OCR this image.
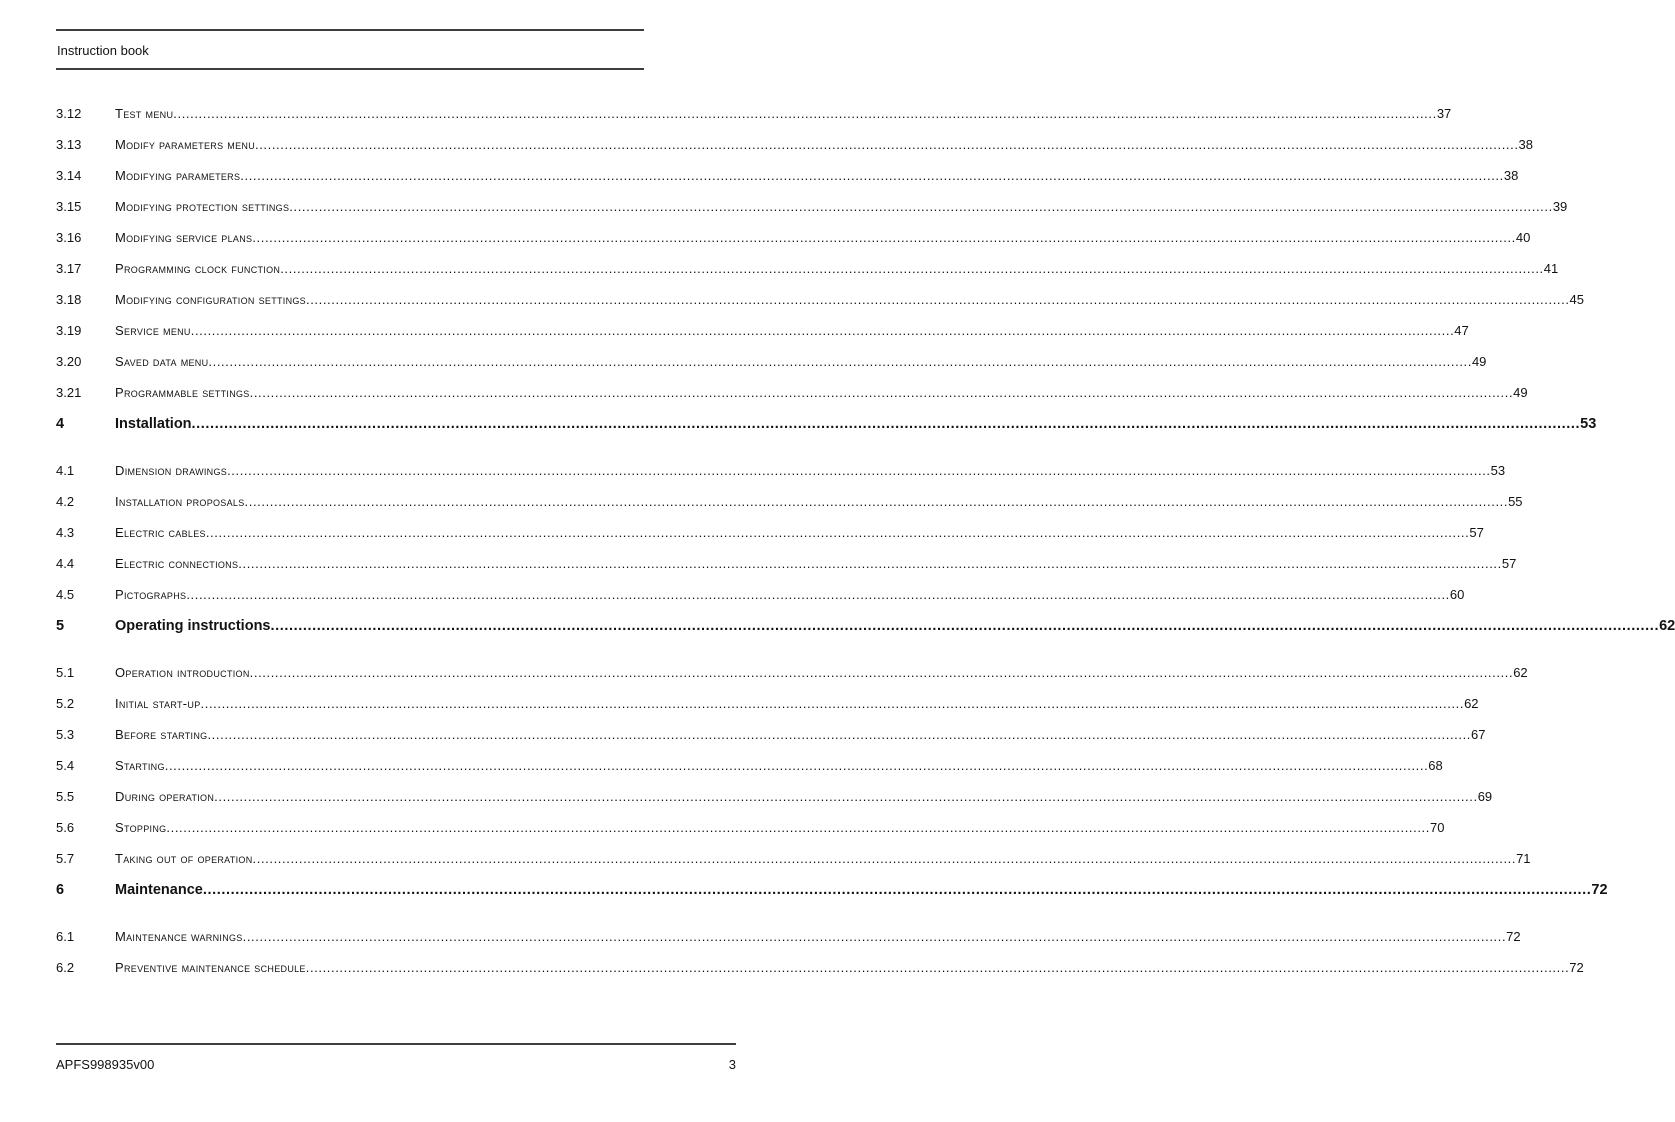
Instruction book
3.12	Test menu ............................................................................................................................................................................................................................................................................................................ 37
3.13	Modify parameters menu ............................................................................................................................................................................................................................................................................................................ 38
3.14	Modifying parameters ............................................................................................................................................................................................................................................................................................................ 38
3.15	Modifying protection settings ............................................................................................................................................................................................................................................................................................................ 39
3.16	Modifying service plans ............................................................................................................................................................................................................................................................................................................ 40
3.17	Programming clock function ............................................................................................................................................................................................................................................................................................................ 41
3.18	Modifying configuration settings ............................................................................................................................................................................................................................................................................................................ 45
3.19	Service menu ............................................................................................................................................................................................................................................................................................................ 47
3.20	Saved data menu ............................................................................................................................................................................................................................................................................................................ 49
3.21	Programmable settings ............................................................................................................................................................................................................................................................................................................ 49
4	Installation ............................................................................................................................................................................................................................................................................................................ 53
4.1	Dimension drawings ............................................................................................................................................................................................................................................................................................................ 53
4.2	Installation proposals ............................................................................................................................................................................................................................................................................................................ 55
4.3	Electric cables ............................................................................................................................................................................................................................................................................................................ 57
4.4	Electric connections ............................................................................................................................................................................................................................................................................................................ 57
4.5	Pictographs ............................................................................................................................................................................................................................................................................................................ 60
5	Operating instructions ............................................................................................................................................................................................................................................................................................................ 62
5.1	Operation introduction ............................................................................................................................................................................................................................................................................................................ 62
5.2	Initial start-up ............................................................................................................................................................................................................................................................................................................ 62
5.3	Before starting ............................................................................................................................................................................................................................................................................................................ 67
5.4	Starting ............................................................................................................................................................................................................................................................................................................ 68
5.5	During operation ............................................................................................................................................................................................................................................................................................................ 69
5.6	Stopping ............................................................................................................................................................................................................................................................................................................ 70
5.7	Taking out of operation ............................................................................................................................................................................................................................................................................................................ 71
6	Maintenance ............................................................................................................................................................................................................................................................................................................ 72
6.1	Maintenance warnings ............................................................................................................................................................................................................................................................................................................ 72
6.2	Preventive maintenance schedule ............................................................................................................................................................................................................................................................................................................ 72
APFS998935v00	3
